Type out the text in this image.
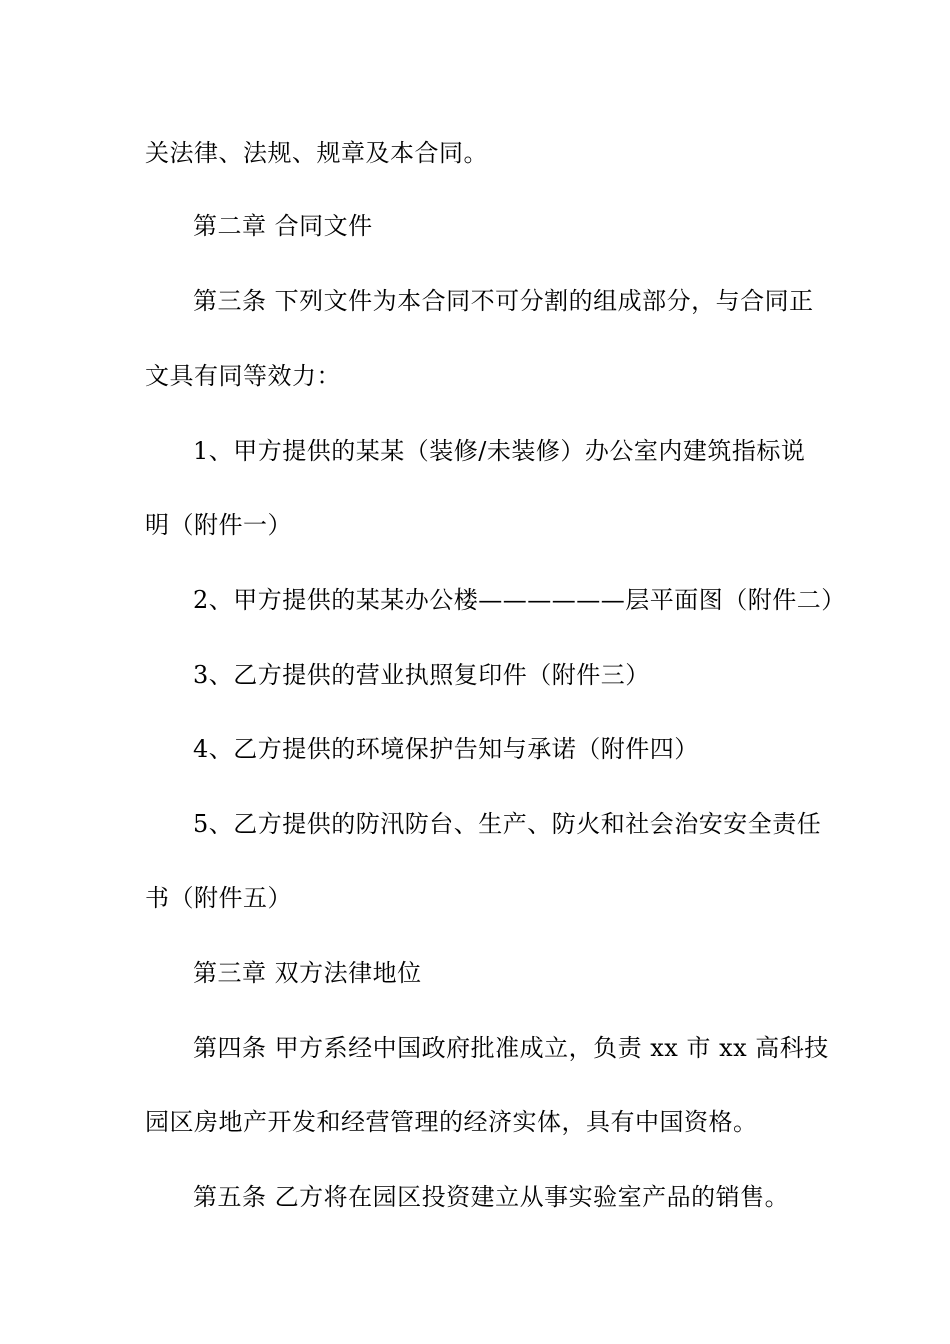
关法律、法规、规章及本合同。
第二章 合同文件
第三条 下列文件为本合同不可分割的组成部分，与合同正
文具有同等效力：
1、甲方提供的某某（装修/未装修）办公室内建筑指标说
明（附件一）
2、甲方提供的某某办公楼——————层平面图（附件二）
3、乙方提供的营业执照复印件（附件三）
4、乙方提供的环境保护告知与承诺（附件四）
5、乙方提供的防汛防台、生产、防火和社会治安安全责任
书（附件五）
第三章 双方法律地位
第四条 甲方系经中国政府批准成立，负责 xx 市 xx 高科技
园区房地产开发和经营管理的经济实体，具有中国资格。
第五条 乙方将在园区投资建立从事实验室产品的销售。
